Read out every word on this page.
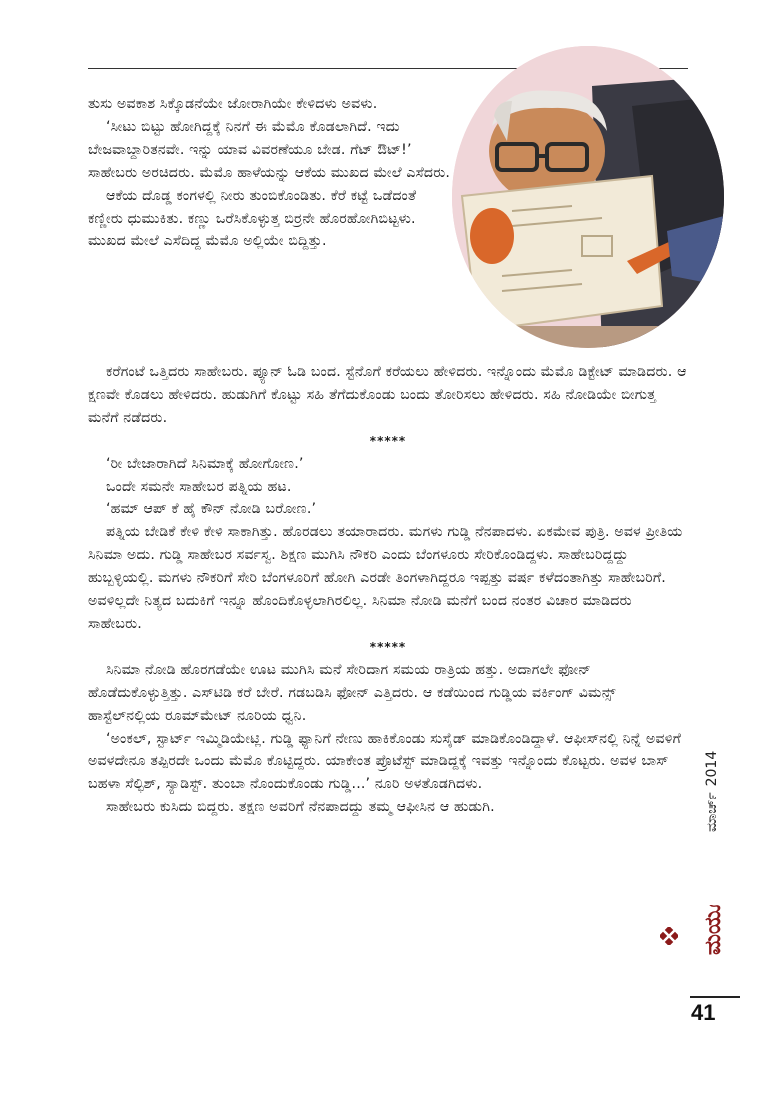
ತುಸು ಅವಕಾಶ ಸಿಕ್ಕೊಡನೆಯೇ ಜೋರಾಗಿಯೇ ಕೇಳಿದಳು ಅವಳು.

‘ಸೀಟು ಬಿಟ್ಟು ಹೋಗಿದ್ದಕ್ಕೆ ನಿನಗೆ ಈ ಮೆಮೊ ಕೊಡಲಾಗಿದೆ. ಇದು ಬೇಜವಾಬ್ದಾರಿತನವೇ. ಇನ್ನು ಯಾವ ವಿವರಣೆಯೂ ಬೇಡ. ಗೆಟ್ ಔಟ್!’ ಸಾಹೇಬರು ಅರಚಿದರು. ಮೆಮೊ ಹಾಳೆಯನ್ನು ಆಕೆಯ ಮುಖದ ಮೇಲೆ ಎಸೆದರು.

ಆಕೆಯ ದೊಡ್ಡ ಕಂಗಳಲ್ಲಿ ನೀರು ತುಂಬಿಕೊಂಡಿತು. ಕೆರೆ ಕಟ್ಟೆ ಒಡೆದಂತೆ ಕಣ್ಣೀರು ಧುಮುಕಿತು. ಕಣ್ಣು ಒರೆಸಿಕೊಳ್ಳುತ್ತ ಬಿರ್ರನೇ ಹೊರಹೋಗಿಬಿಟ್ಟಳು. ಮುಖದ ಮೇಲೆ ಎಸೆದಿದ್ದ ಮೆಮೊ ಅಲ್ಲಿಯೇ ಬಿದ್ದಿತ್ತು.

ಕರೆಗಂಟೆ ಒತ್ತಿದರು ಸಾಹೇಬರು. ಪ್ಯೂನ್ ಓಡಿ ಬಂದ. ಸ್ಟೆನೊಗೆ ಕರೆಯಲು ಹೇಳಿದರು. ಇನ್ನೊಂದು ಮೆಮೊ ಡಿಕ್ಟೇಟ್ ಮಾಡಿದರು. ಆ ಕ್ಷಣವೇ ಕೊಡಲು ಹೇಳಿದರು. ಹುಡುಗಿಗೆ ಕೊಟ್ಟು ಸಹಿ ತೆಗೆದುಕೊಂಡು ಬಂದು ತೋರಿಸಲು ಹೇಳಿದರು. ಸಹಿ ನೋಡಿಯೇ ಬೀಗುತ್ತ ಮನೆಗೆ ನಡೆದರು.

*****

‘ರೀ ಬೇಜಾರಾಗಿದೆ ಸಿನಿಮಾಕ್ಕೆ ಹೋಗೋಣ.’

ಒಂದೇ ಸಮನೇ ಸಾಹೇಬರ ಪತ್ನಿಯ ಹಟ.

‘ಹಮ್ ಆಪ್ ಕೆ ಹೈ ಕೌನ್ ನೋಡಿ ಬರೋಣ.’

ಪತ್ನಿಯ ಬೇಡಿಕೆ ಕೇಳಿ ಕೇಳಿ ಸಾಕಾಗಿತ್ತು. ಹೊರಡಲು ತಯಾರಾದರು. ಮಗಳು ಗುಡ್ಡಿ ನೆನಪಾದಳು. ಏಕಮೇವ ಪುತ್ರಿ. ಅವಳ ಪ್ರೀತಿಯ ಸಿನಿಮಾ ಅದು. ಗುಡ್ಡಿ ಸಾಹೇಬರ ಸರ್ವಸ್ವ. ಶಿಕ್ಷಣ ಮುಗಿಸಿ ನೌಕರಿ ಎಂದು ಬೆಂಗಳೂರು ಸೇರಿಕೊಂಡಿದ್ದಳು. ಸಾಹೇಬರಿದ್ದದ್ದು ಹುಬ್ಬಳ್ಳಿಯಲ್ಲಿ. ಮಗಳು ನೌಕರಿಗೆ ಸೇರಿ ಬೆಂಗಳೂರಿಗೆ ಹೋಗಿ ಎರಡೇ ತಿಂಗಳಾಗಿದ್ದರೂ ಇಪ್ಪತ್ತು ವರ್ಷ ಕಳೆದಂತಾಗಿತ್ತು ಸಾಹೇಬರಿಗೆ. ಅವಳಿಲ್ಲದೇ ನಿತ್ಯದ ಬದುಕಿಗೆ ಇನ್ನೂ ಹೊಂದಿಕೊಳ್ಳಲಾಗಿರಲಿಲ್ಲ. ಸಿನಿಮಾ ನೋಡಿ ಮನೆಗೆ ಬಂದ ನಂತರ ವಿಚಾರ ಮಾಡಿದರು ಸಾಹೇಬರು.

*****

ಸಿನಿಮಾ ನೋಡಿ ಹೊರಗಡೆಯೇ ಊಟ ಮುಗಿಸಿ ಮನೆ ಸೇರಿದಾಗ ಸಮಯ ರಾತ್ರಿಯ ಹತ್ತು. ಅದಾಗಲೇ ಫೋನ್ ಹೊಡೆದುಕೊಳ್ಳುತ್ತಿತ್ತು. ಎಸ್‌ಟಿಡಿ ಕರೆ ಬೇರೆ. ಗಡಬಡಿಸಿ ಫೋನ್ ಎತ್ತಿದರು. ಆ ಕಡೆಯಿಂದ ಗುಡ್ಡಿಯ ವರ್ಕಿಂಗ್ ವಿಮನ್ಸ್ ಹಾಸ್ಟೆಲ್‌ನಲ್ಲಿಯ ರೂಮ್‌ಮೇಟ್ ನೂರಿಯ ಧ್ವನಿ.

‘ಅಂಕಲ್, ಸ್ಟಾರ್ಟ್ ಇಮ್ಮಿಡಿಯೇಟ್ಲಿ. ಗುಡ್ಡಿ ಫ್ಯಾನಿಗೆ ನೇಣು ಹಾಕಿಕೊಂಡು ಸುಸೈಡ್ ಮಾಡಿಕೊಂಡಿದ್ದಾಳೆ. ಆಫೀಸ್‌ನಲ್ಲಿ ನಿನ್ನೆ ಅವಳಿಗೆ ಅವಳದೇನೂ ತಪ್ಪಿರದೇ ಒಂದು ಮೆಮೊ ಕೊಟ್ಟಿದ್ದರು. ಯಾಕೇಂತ ಪ್ರೊಟೆಸ್ಟ್ ಮಾಡಿದ್ದಕ್ಕೆ ಇವತ್ತು ಇನ್ನೊಂದು ಕೊಟ್ಟರು. ಅವಳ ಬಾಸ್ ಬಹಳಾ ಸೆಲ್ಫಿಶ್, ಸ್ಯಾಡಿಸ್ಟ್. ತುಂಬಾ ನೊಂದುಕೊಂಡು ಗುಡ್ಡಿ...’ ನೂರಿ ಅಳತೊಡಗಿದಳು.

ಸಾಹೇಬರು ಕುಸಿದು ಬಿದ್ದರು. ತಕ್ಷಣ ಅವರಿಗೆ ನೆನಪಾದದ್ದು ತಮ್ಮ ಆಫೀಸಿನ ಆ ಹುಡುಗಿ.	ಮಾರ್ಚ್2014
ಮಯೂರ
41
